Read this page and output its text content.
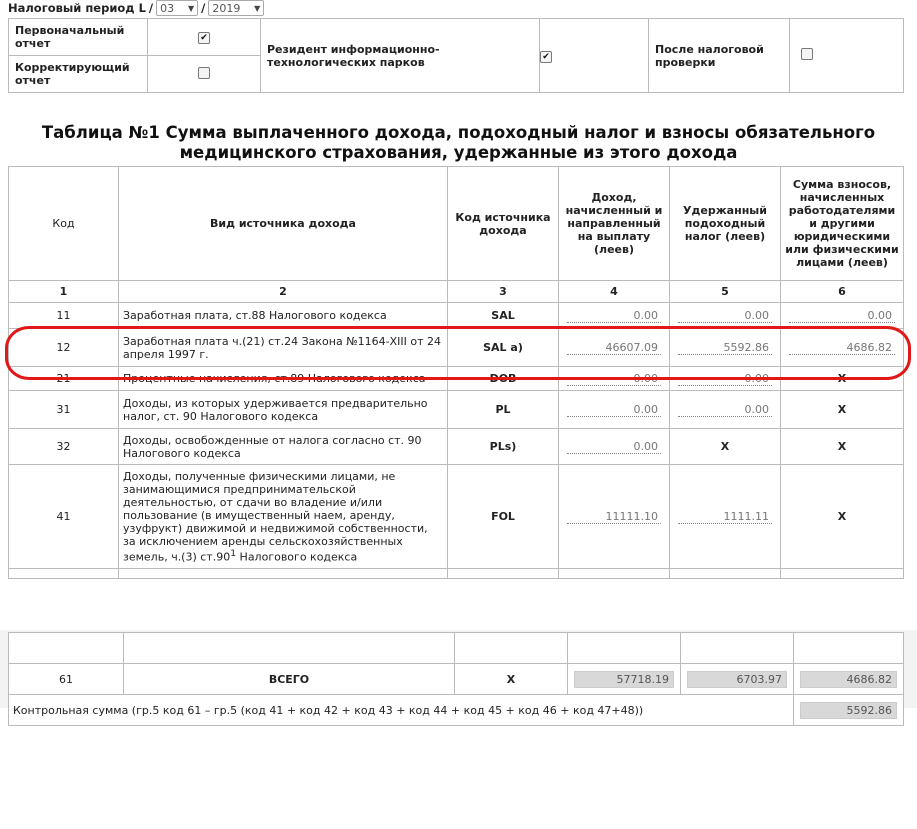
Налоговый период L / 03 ▼ / 2019 ▼
Первоначальный отчет	✔	Резидент информационно-технологических парков	✔	После налоговой проверки	
Корректирующий отчет					
Таблица №1 Сумма выплаченного дохода, подоходный налог и взносы обязательного медицинского страхования, удержанные из этого дохода
Код	Вид источника дохода	Код источника дохода	Доход, начисленный и направленный на выплату (леев)	Удержанный подоходный налог (леев)	Сумма взносов, начисленных работодателями и другими юридическими или физическими лицами (леев)
1	2	3	4	5	6
11	Заработная плата, ст.88 Налогового кодекса	SAL	0.00	0.00	0.00

12	Заработная плата ч.(21) ст.24 Закона №1164-XIII от 24 апреля 1997 г.	SAL a)	46607.09	5592.86	4686.82

21	Процентные начисления, ст.89 Налогового кодекса	DOB	0.00	0.00	X
31	Доходы, из которых удерживается предварительно налог, ст. 90 Налогового кодекса	PL	0.00	0.00	X
32	Доходы, освобожденные от налога согласно ст. 90 Налогового кодекса	PLs)	0.00	X	X
41	Доходы, полученные физическими лицами, не занимающимися предпринимательской деятельностью, от сдачи во владение и/или пользование (в имущественный наем, аренду, узуфрукт) движимой и недвижимой собственности, за исключением аренды сельскохозяйственных земель, ч.(3) $ст.90^1$ Налогового кодекса	FOL	11111.10	1111.11	X

61	ВСЕГО	X	57718.19	6703.97	4686.82

Контрольная сумма (гр.5 код 61 – гр.5 (код 41 + код 42 + код 43 + код 44 + код 45 + код 46 + код 47+48))					5592.86
